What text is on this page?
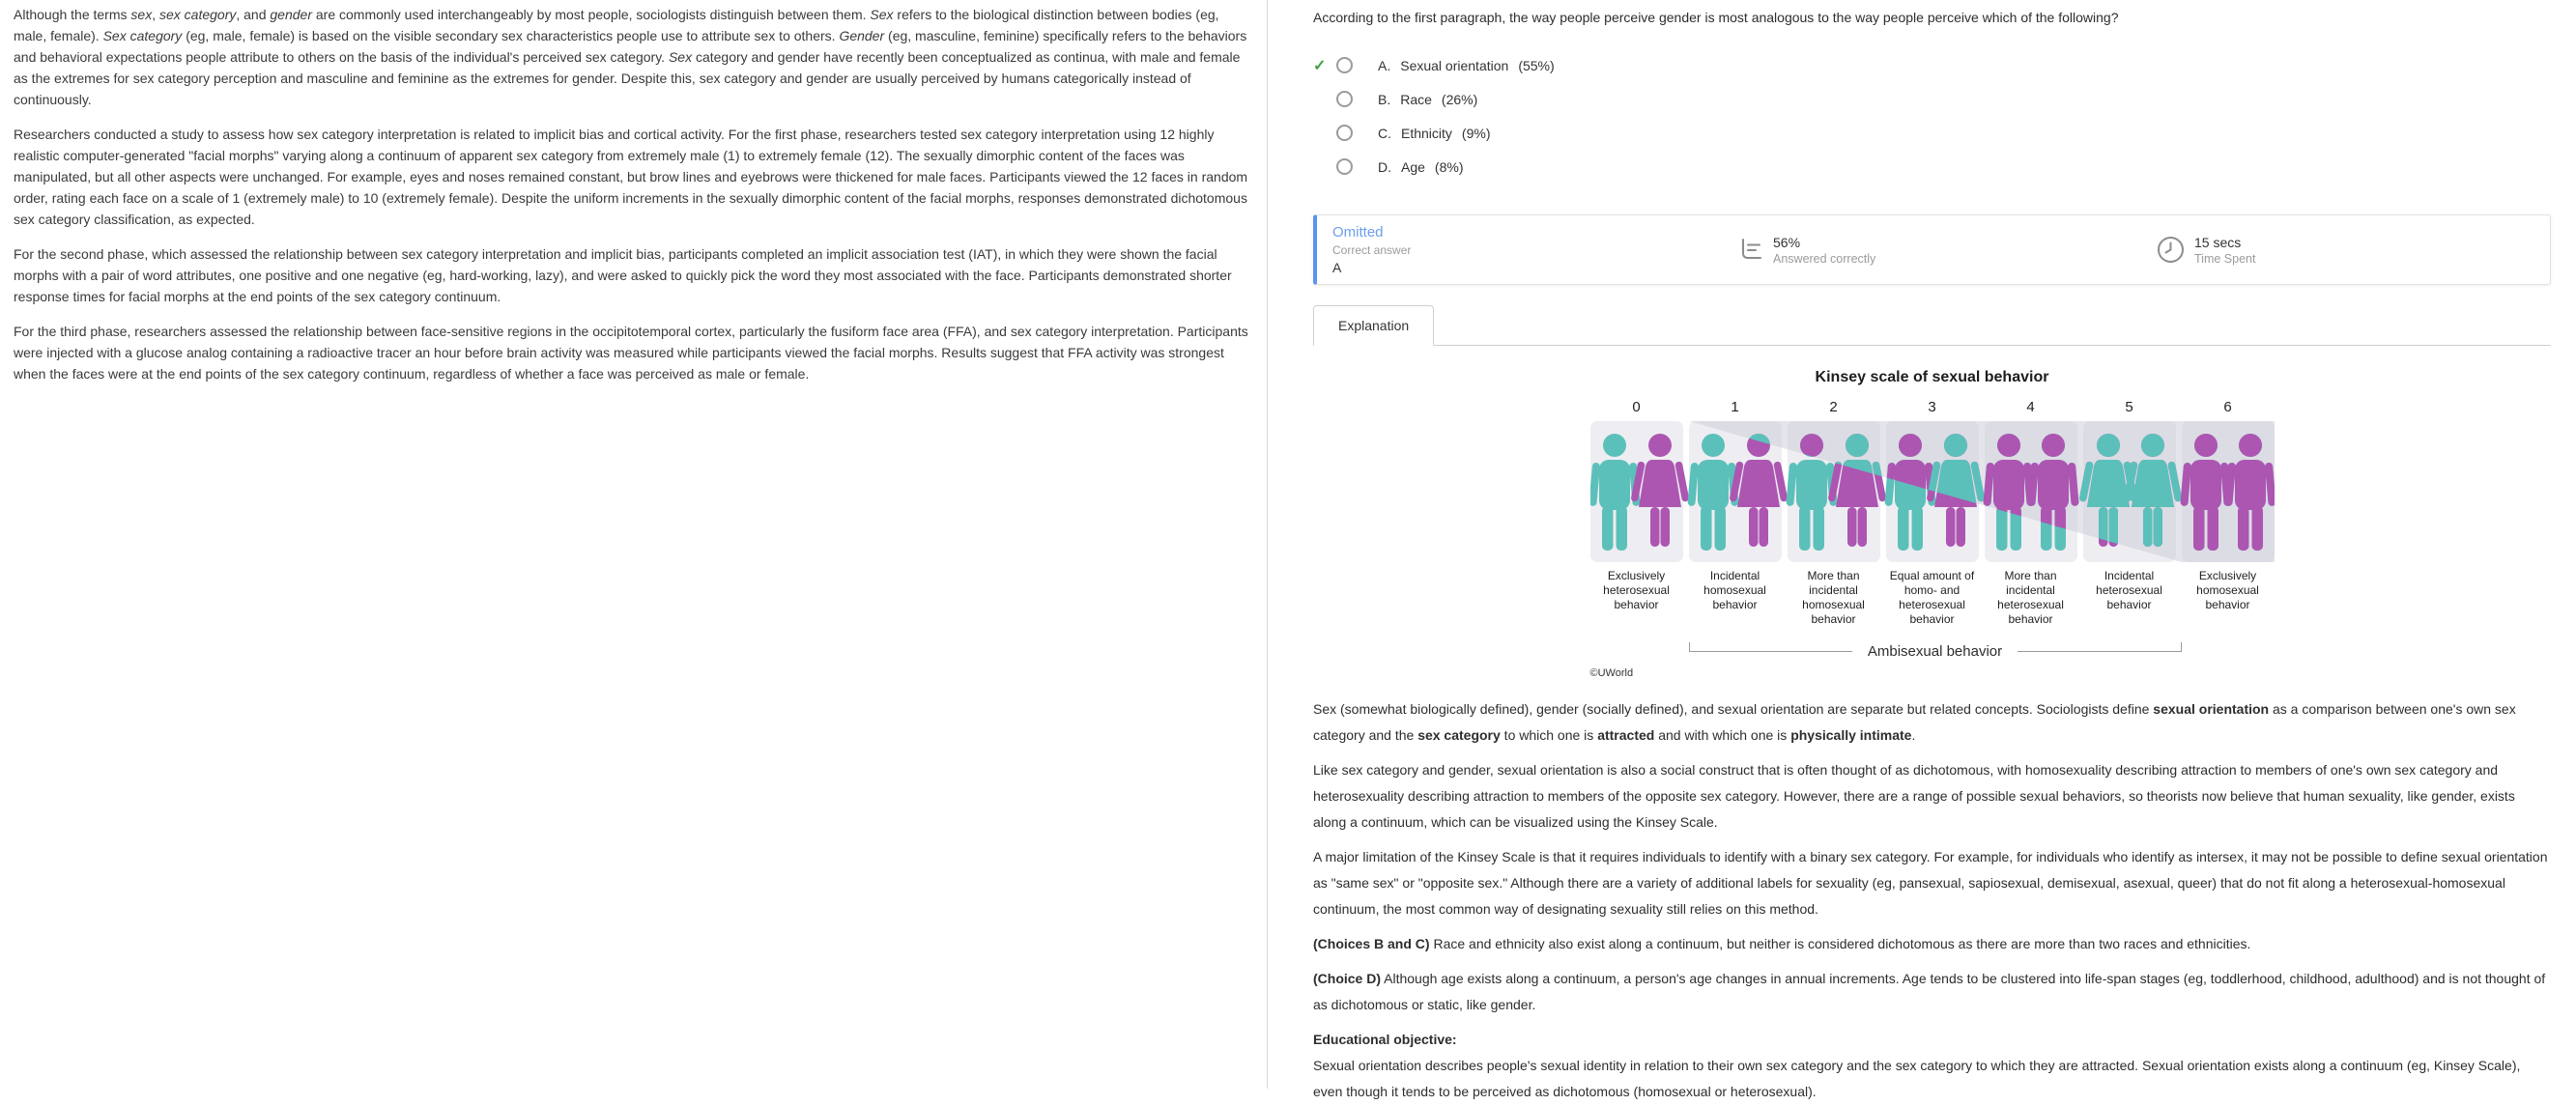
Although the terms sex, sex category, and gender are commonly used interchangeably by most people, sociologists distinguish between them. Sex refers to the biological distinction between bodies (eg, male, female). Sex category (eg, male, female) is based on the visible secondary sex characteristics people use to attribute sex to others. Gender (eg, masculine, feminine) specifically refers to the behaviors and behavioral expectations people attribute to others on the basis of the individual's perceived sex category. Sex category and gender have recently been conceptualized as continua, with male and female as the extremes for sex category perception and masculine and feminine as the extremes for gender. Despite this, sex category and gender are usually perceived by humans categorically instead of continuously.

Researchers conducted a study to assess how sex category interpretation is related to implicit bias and cortical activity. For the first phase, researchers tested sex category interpretation using 12 highly realistic computer-generated "facial morphs" varying along a continuum of apparent sex category from extremely male (1) to extremely female (12). The sexually dimorphic content of the faces was manipulated, but all other aspects were unchanged. For example, eyes and noses remained constant, but brow lines and eyebrows were thickened for male faces. Participants viewed the 12 faces in random order, rating each face on a scale of 1 (extremely male) to 10 (extremely female). Despite the uniform increments in the sexually dimorphic content of the facial morphs, responses demonstrated dichotomous sex category classification, as expected.

For the second phase, which assessed the relationship between sex category interpretation and implicit bias, participants completed an implicit association test (IAT), in which they were shown the facial morphs with a pair of word attributes, one positive and one negative (eg, hard-working, lazy), and were asked to quickly pick the word they most associated with the face. Participants demonstrated shorter response times for facial morphs at the end points of the sex category continuum.

For the third phase, researchers assessed the relationship between face-sensitive regions in the occipitotemporal cortex, particularly the fusiform face area (FFA), and sex category interpretation. Participants were injected with a glucose analog containing a radioactive tracer an hour before brain activity was measured while participants viewed the facial morphs. Results suggest that FFA activity was strongest when the faces were at the end points of the sex category continuum, regardless of whether a face was perceived as male or female.

According to the first paragraph, the way people perceive gender is most analogous to the way people perceive which of the following?
✓	A. Sexual orientation (55%)
B. Race (26%)
C. Ethnicity (9%)
D. Age (8%)
Omitted
Correct answer
A
56%
Answered correctly
15 secs
Time Spent
Explanation
Kinsey scale of sexual behavior
0	1	2	3	4	5	6
Exclusively heterosexual behavior
Incidental homosexual behavior
More than incidental homosexual behavior
Equal amount of homo- and heterosexual behavior
More than incidental heterosexual behavior
Incidental heterosexual behavior
Exclusively homosexual behavior
Ambisexual behavior
©UWorld

Sex (somewhat biologically defined), gender (socially defined), and sexual orientation are separate but related concepts. Sociologists define sexual orientation as a comparison between one's own sex category and the sex category to which one is attracted and with which one is physically intimate.

Like sex category and gender, sexual orientation is also a social construct that is often thought of as dichotomous, with homosexuality describing attraction to members of one's own sex category and heterosexuality describing attraction to members of the opposite sex category. However, there are a range of possible sexual behaviors, so theorists now believe that human sexuality, like gender, exists along a continuum, which can be visualized using the Kinsey Scale.

A major limitation of the Kinsey Scale is that it requires individuals to identify with a binary sex category. For example, for individuals who identify as intersex, it may not be possible to define sexual orientation as "same sex" or "opposite sex." Although there are a variety of additional labels for sexuality (eg, pansexual, sapiosexual, demisexual, asexual, queer) that do not fit along a heterosexual-homosexual continuum, the most common way of designating sexuality still relies on this method.

(Choices B and C) Race and ethnicity also exist along a continuum, but neither is considered dichotomous as there are more than two races and ethnicities.

(Choice D) Although age exists along a continuum, a person's age changes in annual increments. Age tends to be clustered into life-span stages (eg, toddlerhood, childhood, adulthood) and is not thought of as dichotomous or static, like gender.

Educational objective:

Sexual orientation describes people's sexual identity in relation to their own sex category and the sex category to which they are attracted. Sexual orientation exists along a continuum (eg, Kinsey Scale), even though it tends to be perceived as dichotomous (homosexual or heterosexual).
